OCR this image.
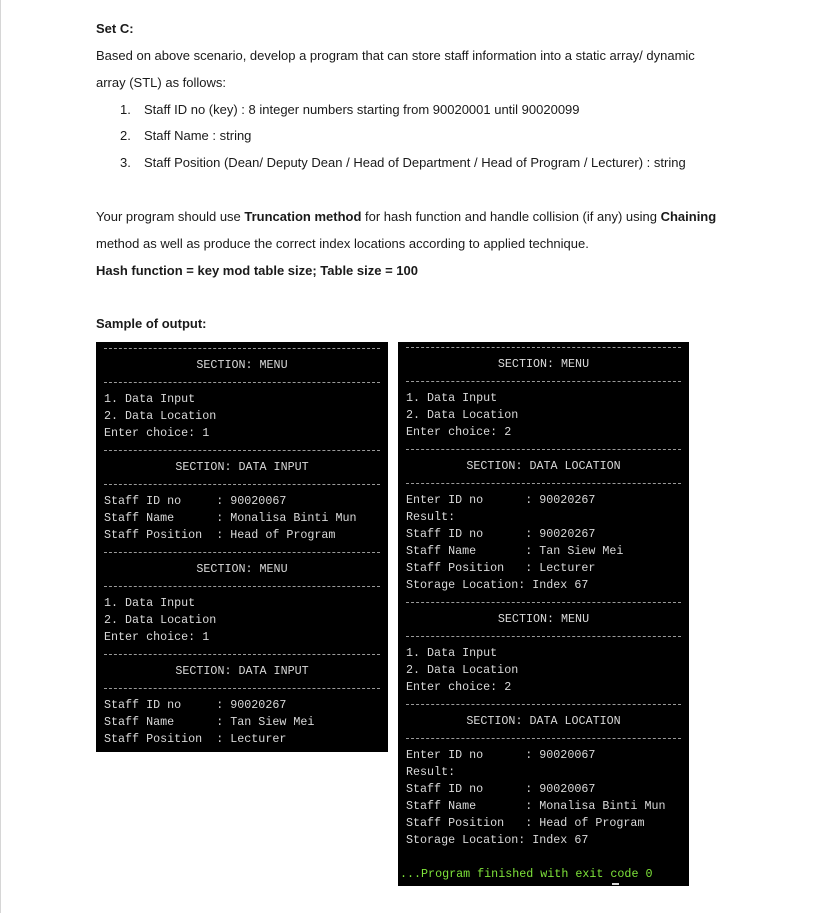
Set C:
Based on above scenario, develop a program that can store staff information into a static array/ dynamic
array (STL) as follows:
1. Staff ID no (key) : 8 integer numbers starting from 90020001 until 90020099
2. Staff Name : string
3. Staff Position (Dean/ Deputy Dean / Head of Department / Head of Program / Lecturer) : string
Your program should use Truncation method for hash function and handle collision (if any) using Chaining
method as well as produce the correct index locations according to applied technique.
Hash function = key mod table size; Table size = 100
Sample of output:
SECTION: MENU
1. Data Input
2. Data Location
Enter choice: 1
SECTION: DATA INPUT
Staff ID no     : 90020067
Staff Name      : Monalisa Binti Mun
Staff Position  : Head of Program
SECTION: MENU
1. Data Input
2. Data Location
Enter choice: 1
SECTION: DATA INPUT
Staff ID no     : 90020267
Staff Name      : Tan Siew Mei
Staff Position  : Lecturer
SECTION: MENU
1. Data Input
2. Data Location
Enter choice: 2
SECTION: DATA LOCATION
Enter ID no      : 90020267
Result:
Staff ID no      : 90020267
Staff Name       : Tan Siew Mei
Staff Position   : Lecturer
Storage Location: Index 67
SECTION: MENU
1. Data Input
2. Data Location
Enter choice: 2
SECTION: DATA LOCATION
Enter ID no      : 90020067
Result:
Staff ID no      : 90020067
Staff Name       : Monalisa Binti Mun
Staff Position   : Head of Program
Storage Location: Index 67
...Program finished with exit code 0
